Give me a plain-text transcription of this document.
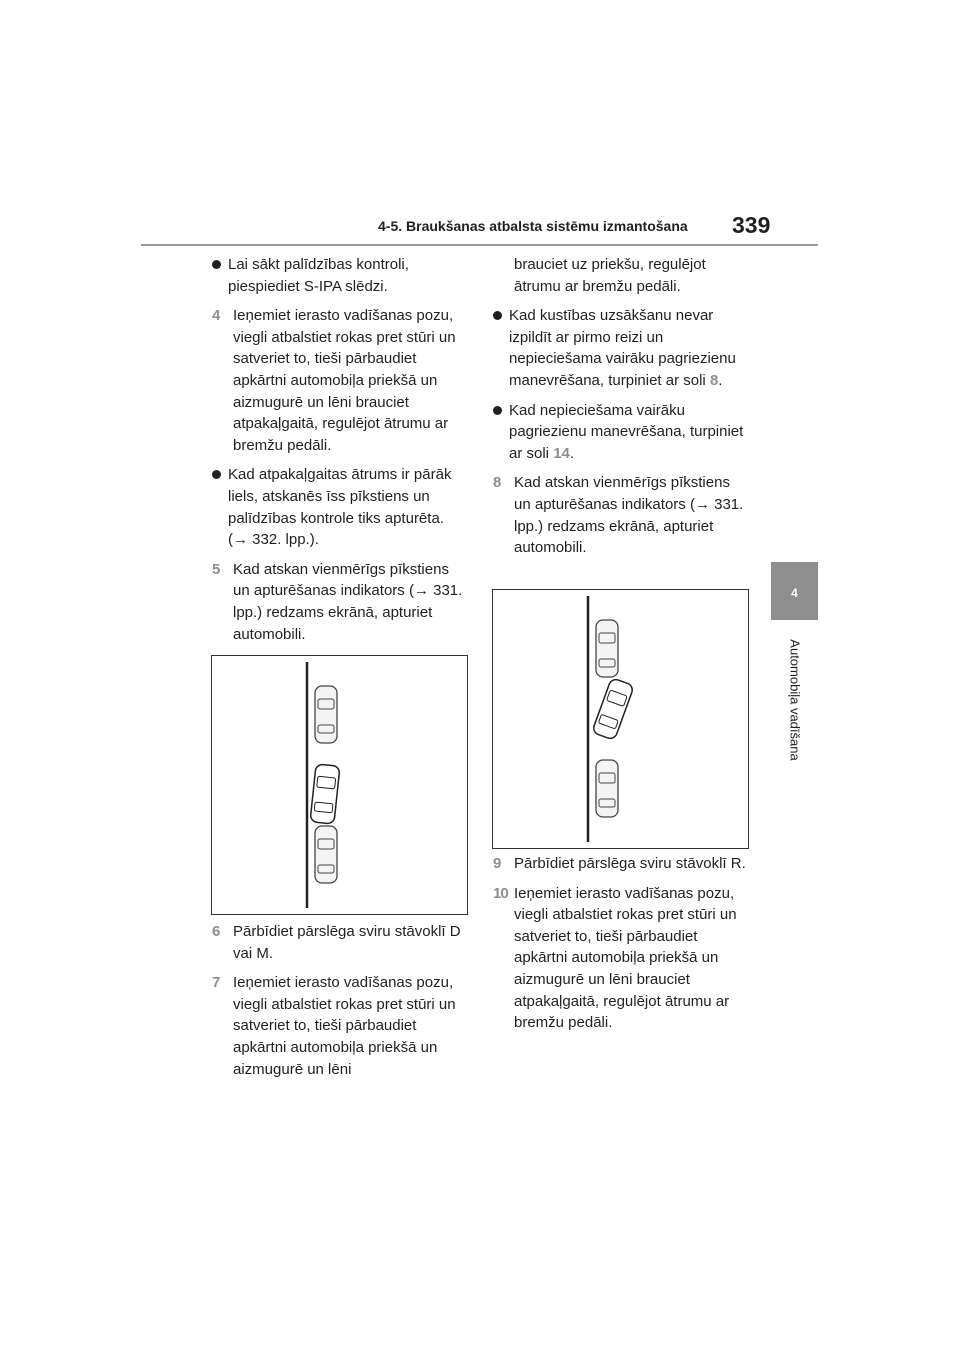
4-5. Braukšanas atbalsta sistēmu izmantošana 339
4
Automobiļa vadīšana

Lai sākt palīdzības kontroli, piespiediet S-IPA slēdzi.

4 Ieņemiet ierasto vadīšanas pozu, viegli atbalstiet rokas pret stūri un satveriet to, tieši pārbaudiet apkārtni automobiļa priekšā un aizmugurē un lēni brauciet atpakaļgaitā, regulējot ātrumu ar bremžu pedāli.

Kad atpakaļgaitas ātrums ir pārāk liels, atskanēs īss pīkstiens un palīdzības kontrole tiks apturēta. (→ 332. lpp.).

5 Kad atskan vienmērīgs pīkstiens un apturēšanas indikators (→ 331. lpp.) redzams ekrānā, apturiet automobili.

6 Pārbīdiet pārslēga sviru stāvoklī D vai M.

7 Ieņemiet ierasto vadīšanas pozu, viegli atbalstiet rokas pret stūri un satveriet to, tieši pārbaudiet apkārtni automobiļa priekšā un aizmugurē un lēni

brauciet uz priekšu, regulējot ātrumu ar bremžu pedāli.

Kad kustības uzsākšanu nevar izpildīt ar pirmo reizi un nepieciešama vairāku pagriezienu manevrēšana, turpiniet ar soli 8.

Kad nepieciešama vairāku pagriezienu manevrēšana, turpiniet ar soli 14.

8 Kad atskan vienmērīgs pīkstiens un apturēšanas indikators (→ 331. lpp.) redzams ekrānā, apturiet automobili.

9 Pārbīdiet pārslēga sviru stāvoklī R.

10 Ieņemiet ierasto vadīšanas pozu, viegli atbalstiet rokas pret stūri un satveriet to, tieši pārbaudiet apkārtni automobiļa priekšā un aizmugurē un lēni brauciet atpakaļgaitā, regulējot ātrumu ar bremžu pedāli.
